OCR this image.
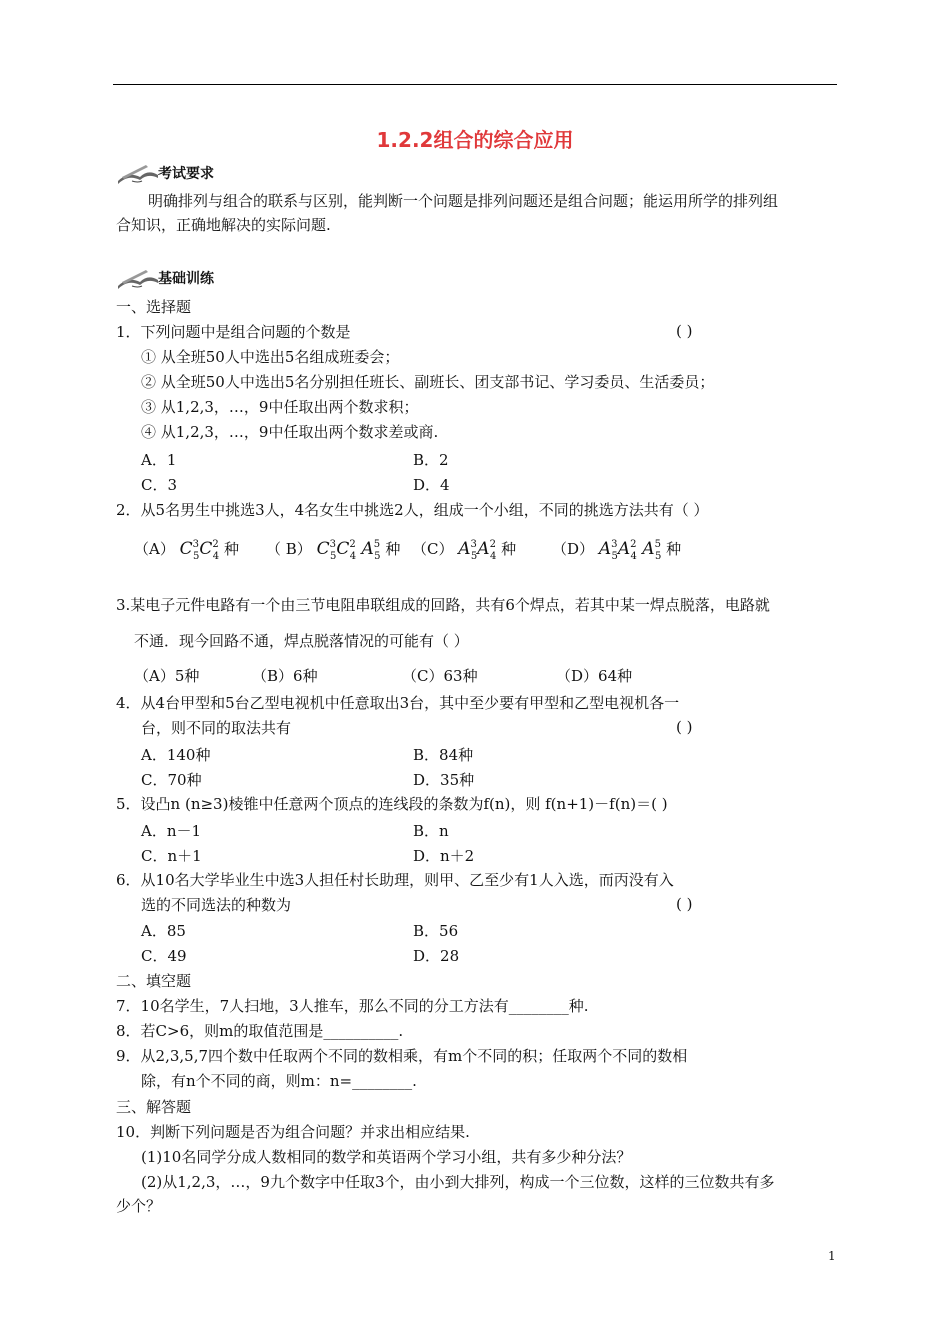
1.2.2组合的综合应用
考试要求
明确排列与组合的联系与区别，能判断一个问题是排列问题还是组合问题；能运用所学的排列组
合知识，正确地解决的实际问题.
基础训练
一、选择题
1．下列问题中是组合问题的个数是	( )
① 从全班50人中选出5名组成班委会；
② 从全班50人中选出5名分别担任班长、副班长、团支部书记、学习委员、生活委员；
③ 从1,2,3，…，9中任取出两个数求积；
④ 从1,2,3，…，9中任取出两个数求差或商.
A．1	B．2
C．3	D．4
2．从5名男生中挑选3人，4名女生中挑选2人，组成一个小组，不同的挑选方法共有（ ）
（A） $C^3_5C^2_4$ 种 （ B） $C^3_5C^2_4$ $A^5_5$ 种 （C） $A^3_5A^2_4$ 种 （D） $A^3_5A^2_4$ $A^5_5$ 种
3.某电子元件电路有一个由三节电阻串联组成的回路，共有6个焊点，若其中某一焊点脱落，电路就
不通．现今回路不通，焊点脱落情况的可能有（ ）
（A）5种	（B）6种	（C）63种	（D）64种
4．从4台甲型和5台乙型电视机中任意取出3台，其中至少要有甲型和乙型电视机各一
台，则不同的取法共有	( )
A．140种	B．84种
C．70种	D．35种
5．设凸n (n≥3)棱锥中任意两个顶点的连线段的条数为f(n)，则 f(n+1)－f(n)＝( )
A．n－1	B．n
C．n＋1	D．n＋2
6．从10名大学毕业生中选3人担任村长助理，则甲、乙至少有1人入选，而丙没有入
选的不同选法的种数为	( )
A．85	B．56
C．49	D．28
二、填空题
7．10名学生，7人扫地，3人推车，那么不同的分工方法有________种.
8．若C>6，则m的取值范围是__________.
9．从2,3,5,7四个数中任取两个不同的数相乘，有m个不同的积；任取两个不同的数相
除，有n个不同的商，则m：n=________.
三、解答题
10．判断下列问题是否为组合问题？并求出相应结果.
(1)10名同学分成人数相同的数学和英语两个学习小组，共有多少种分法？
(2)从1,2,3，…，9九个数字中任取3个，由小到大排列，构成一个三位数，这样的三位数共有多
少个？
1
